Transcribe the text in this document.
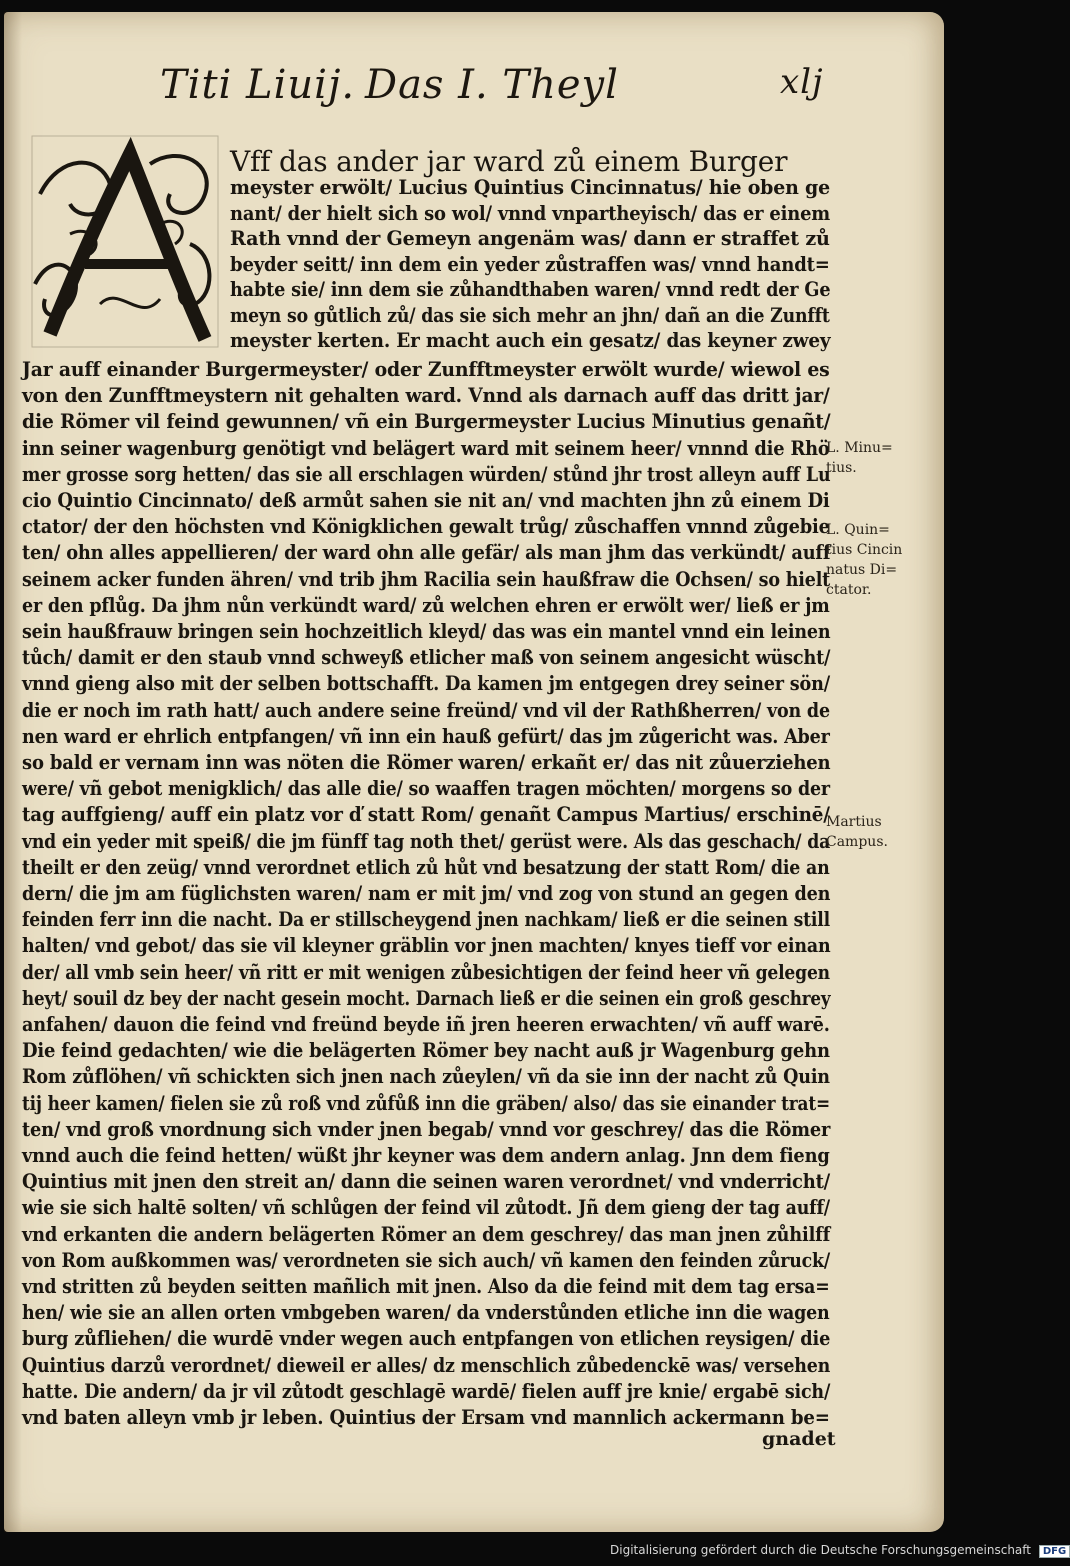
Titi Liuij. Das I. Theyl	xlj
Vff das ander jar ward zů einem Burger
meyster erwölt/ Lucius Quintius Cincinnatus/ hie oben ge
nant/ der hielt sich so wol/ vnnd vnpartheyisch/ das er einem
Rath vnnd der Gemeyn angenäm was/ dann er straffet zů
beyder seitt/ inn dem ein yeder zůstraffen was/ vnnd handt=
habte sie/ inn dem sie zůhandthaben waren/ vnnd redt der Ge
meyn so gůtlich zů/ das sie sich mehr an jhn/ dañ an die Zunfft
meyster kerten. Er macht auch ein gesatz/ das keyner zwey
Jar auff einander Burgermeyster/ oder Zunfftmeyster erwölt wurde/ wiewol es
von den Zunfftmeystern nit gehalten ward. Vnnd als darnach auff das dritt jar/
die Römer vil feind gewunnen/ vñ ein Burgermeyster Lucius Minutius genañt/
inn seiner wagenburg genötigt vnd belägert ward mit seinem heer/ vnnnd die Rhö
mer grosse sorg hetten/ das sie all erschlagen würden/ stůnd jhr trost alleyn auff Lu
cio Quintio Cincinnato/ deß armůt sahen sie nit an/ vnd machten jhn zů einem Di
ctator/ der den höchsten vnd Königklichen gewalt trůg/ zůschaffen vnnnd zůgebie
ten/ ohn alles appellieren/ der ward ohn alle gefär/ als man jhm das verkündt/ auff
seinem acker funden ähren/ vnd trib jhm Racilia sein haußfraw die Ochsen/ so hielt
er den pflůg. Da jhm nůn verkündt ward/ zů welchen ehren er erwölt wer/ ließ er jm
sein haußfrauw bringen sein hochzeitlich kleyd/ das was ein mantel vnnd ein leinen
tůch/ damit er den staub vnnd schweyß etlicher maß von seinem angesicht wüscht/
vnnd gieng also mit der selben bottschafft. Da kamen jm entgegen drey seiner sön/
die er noch im rath hatt/ auch andere seine freünd/ vnd vil der Rathßherren/ von de
nen ward er ehrlich entpfangen/ vñ inn ein hauß gefürt/ das jm zůgericht was. Aber
so bald er vernam inn was nöten die Römer waren/ erkañt er/ das nit zůuerziehen
were/ vñ gebot menigklich/ das alle die/ so waaffen tragen möchten/ morgens so der
tag auffgieng/ auff ein platz vor ď statt Rom/ genañt Campus Martius/ erschinē/
vnd ein yeder mit speiß/ die jm fünff tag noth thet/ gerüst were. Als das geschach/ da
theilt er den zeüg/ vnnd verordnet etlich zů hůt vnd besatzung der statt Rom/ die an
dern/ die jm am füglichsten waren/ nam er mit jm/ vnd zog von stund an gegen den
feinden ferr inn die nacht. Da er stillscheygend jnen nachkam/ ließ er die seinen still
halten/ vnd gebot/ das sie vil kleyner gräblin vor jnen machten/ knyes tieff vor einan
der/ all vmb sein heer/ vñ ritt er mit wenigen zůbesichtigen der feind heer vñ gelegen
heyt/ souil dz bey der nacht gesein mocht. Darnach ließ er die seinen ein groß geschrey
anfahen/ dauon die feind vnd freünd beyde iñ jren heeren erwachten/ vñ auff warē.
Die feind gedachten/ wie die belägerten Römer bey nacht auß jr Wagenburg gehn
Rom zůflöhen/ vñ schickten sich jnen nach zůeylen/ vñ da sie inn der nacht zů Quin
tij heer kamen/ fielen sie zů roß vnd zůfůß inn die gräben/ also/ das sie einander trat=
ten/ vnd groß vnordnung sich vnder jnen begab/ vnnd vor geschrey/ das die Römer
vnnd auch die feind hetten/ wüßt jhr keyner was dem andern anlag. Jnn dem fieng
Quintius mit jnen den streit an/ dann die seinen waren verordnet/ vnd vnderricht/
wie sie sich haltē solten/ vñ schlůgen der feind vil zůtodt. Jñ dem gieng der tag auff/
vnd erkanten die andern belägerten Römer an dem geschrey/ das man jnen zůhilff
von Rom außkommen was/ verordneten sie sich auch/ vñ kamen den feinden zůruck/
vnd stritten zů beyden seitten mañlich mit jnen. Also da die feind mit dem tag ersa=
hen/ wie sie an allen orten vmbgeben waren/ da vnderstůnden etliche inn die wagen
burg zůfliehen/ die wurdē vnder wegen auch entpfangen von etlichen reysigen/ die
Quintius darzů verordnet/ dieweil er alles/ dz menschlich zůbedenckē was/ versehen
hatte. Die andern/ da jr vil zůtodt geschlagē wardē/ fielen auff jre knie/ ergabē sich/
vnd baten alleyn vmb jr leben. Quintius der Ersam vnd mannlich ackermann be=
L. Minu=
tius.
L. Quin=
tius Cincin
natus Di=
ctator.
Martius
Campus.
gnadet
Digitalisierung gefördert durch die Deutsche Forschungsgemeinschaft DFG
